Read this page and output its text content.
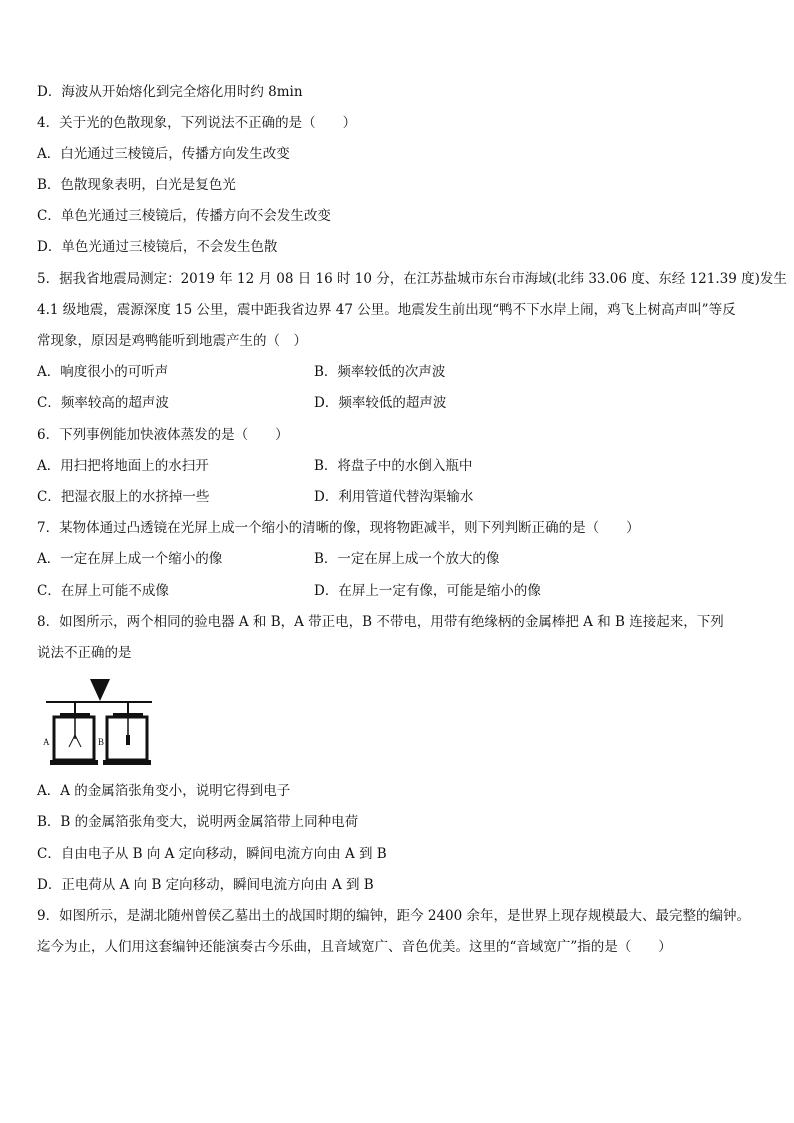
D．海波从开始熔化到完全熔化用时约 8min
4．关于光的色散现象，下列说法不正确的是（　　）
A．白光通过三棱镜后，传播方向发生改变
B．色散现象表明，白光是复色光
C．单色光通过三棱镜后，传播方向不会发生改变
D．单色光通过三棱镜后，不会发生色散
5．据我省地震局测定：2019 年 12 月 08 日 16 时 10 分，在江苏盐城市东台市海域(北纬 33.06 度、东经 121.39 度)发生
4.1 级地震，震源深度 15 公里，震中距我省边界 47 公里。地震发生前出现“鸭不下水岸上闹，鸡飞上树高声叫”等反
常现象，原因是鸡鸭能听到地震产生的（　）
A．响度很小的可听声	B．频率较低的次声波
C．频率较高的超声波	D．频率较低的超声波
6．下列事例能加快液体蒸发的是（　　）
A．用扫把将地面上的水扫开	B．将盘子中的水倒入瓶中
C．把湿衣服上的水挤掉一些	D．利用管道代替沟渠输水
7．某物体通过凸透镜在光屏上成一个缩小的清晰的像，现将物距减半，则下列判断正确的是（　　）
A．一定在屏上成一个缩小的像	B．一定在屏上成一个放大的像
C．在屏上可能不成像	D．在屏上一定有像，可能是缩小的像
8．如图所示，两个相同的验电器 A 和 B，A 带正电，B 不带电，用带有绝缘柄的金属棒把 A 和 B 连接起来，下列
说法不正确的是
A	B
A．A 的金属箔张角变小，说明它得到电子
B．B 的金属箔张角变大，说明两金属箔带上同种电荷
C．自由电子从 B 向 A 定向移动，瞬间电流方向由 A 到 B
D．正电荷从 A 向 B 定向移动，瞬间电流方向由 A 到 B
9．如图所示，是湖北随州曾侯乙墓出土的战国时期的编钟，距今 2400 余年，是世界上现存规模最大、最完整的编钟。
迄今为止，人们用这套编钟还能演奏古今乐曲，且音域宽广、音色优美。这里的“音域宽广”指的是（　　）
